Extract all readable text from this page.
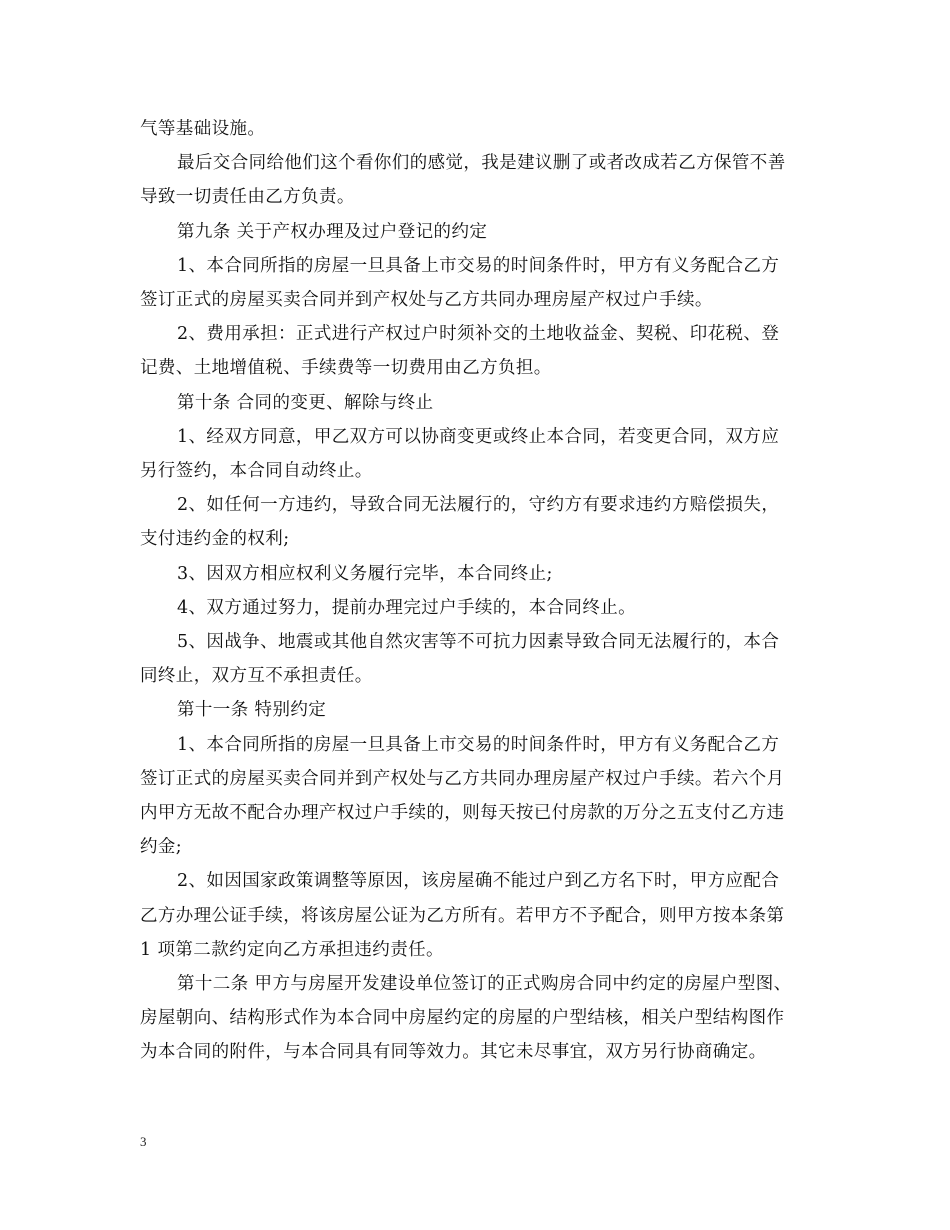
气等基础设施。

最后交合同给他们这个看你们的感觉，我是建议删了或者改成若乙方保管不善

导致一切责任由乙方负责。

第九条 关于产权办理及过户登记的约定

1、本合同所指的房屋一旦具备上市交易的时间条件时，甲方有义务配合乙方

签订正式的房屋买卖合同并到产权处与乙方共同办理房屋产权过户手续。

2、费用承担：正式进行产权过户时须补交的土地收益金、契税、印花税、登

记费、土地增值税、手续费等一切费用由乙方负担。

第十条 合同的变更、解除与终止

1、经双方同意，甲乙双方可以协商变更或终止本合同，若变更合同，双方应

另行签约，本合同自动终止。

2、如任何一方违约，导致合同无法履行的，守约方有要求违约方赔偿损失，

支付违约金的权利;

3、因双方相应权利义务履行完毕，本合同终止;

4、双方通过努力，提前办理完过户手续的，本合同终止。

5、因战争、地震或其他自然灾害等不可抗力因素导致合同无法履行的，本合

同终止，双方互不承担责任。

第十一条 特别约定

1、本合同所指的房屋一旦具备上市交易的时间条件时，甲方有义务配合乙方

签订正式的房屋买卖合同并到产权处与乙方共同办理房屋产权过户手续。若六个月

内甲方无故不配合办理产权过户手续的，则每天按已付房款的万分之五支付乙方违

约金;

2、如因国家政策调整等原因，该房屋确不能过户到乙方名下时，甲方应配合

乙方办理公证手续，将该房屋公证为乙方所有。若甲方不予配合，则甲方按本条第

1 项第二款约定向乙方承担违约责任。

第十二条 甲方与房屋开发建设单位签订的正式购房合同中约定的房屋户型图、

房屋朝向、结构形式作为本合同中房屋约定的房屋的户型结核，相关户型结构图作

为本合同的附件，与本合同具有同等效力。其它未尽事宜，双方另行协商确定。

3
